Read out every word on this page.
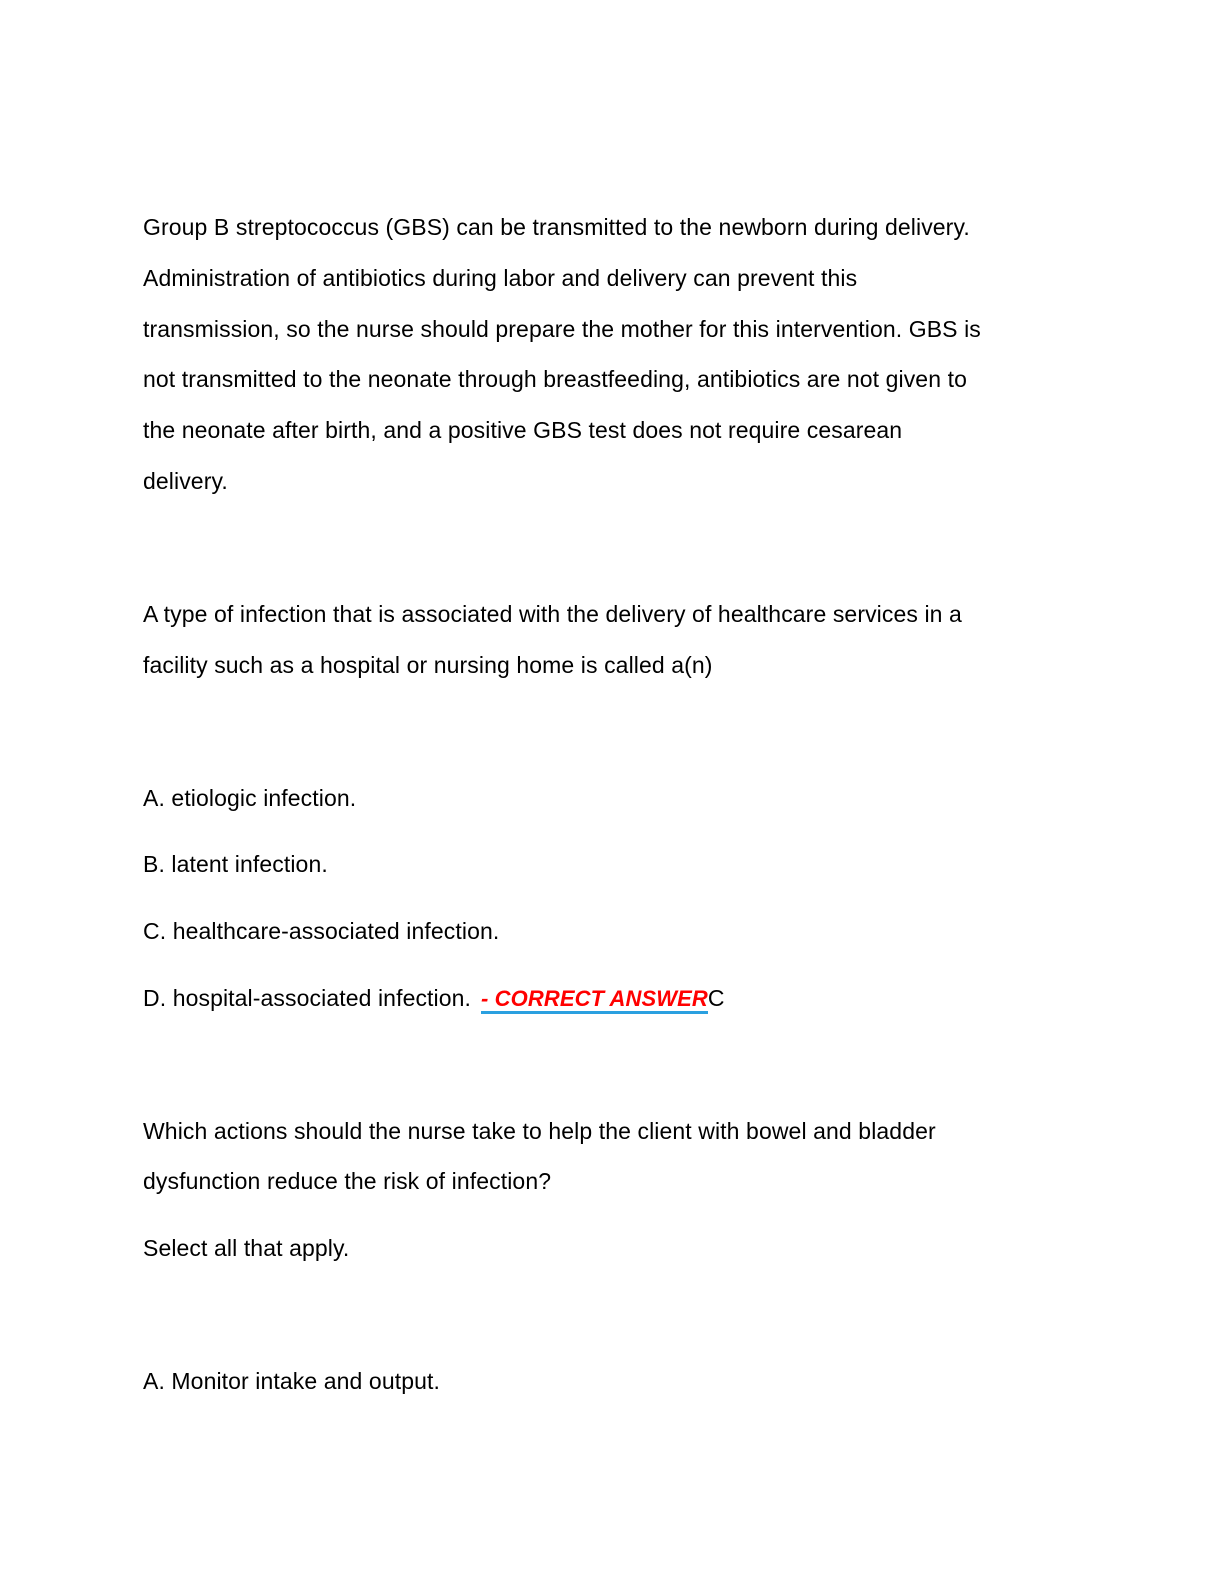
Group B streptococcus (GBS) can be transmitted to the newborn during delivery.
Administration of antibiotics during labor and delivery can prevent this
transmission, so the nurse should prepare the mother for this intervention. GBS is
not transmitted to the neonate through breastfeeding, antibiotics are not given to
the neonate after birth, and a positive GBS test does not require cesarean
delivery.
A type of infection that is associated with the delivery of healthcare services in a
facility such as a hospital or nursing home is called a(n)
A. etiologic infection.
B. latent infection.
C. healthcare-associated infection.
D. hospital-associated infection. - CORRECT ANSWERC
Which actions should the nurse take to help the client with bowel and bladder
dysfunction reduce the risk of infection?
Select all that apply.
A. Monitor intake and output.
